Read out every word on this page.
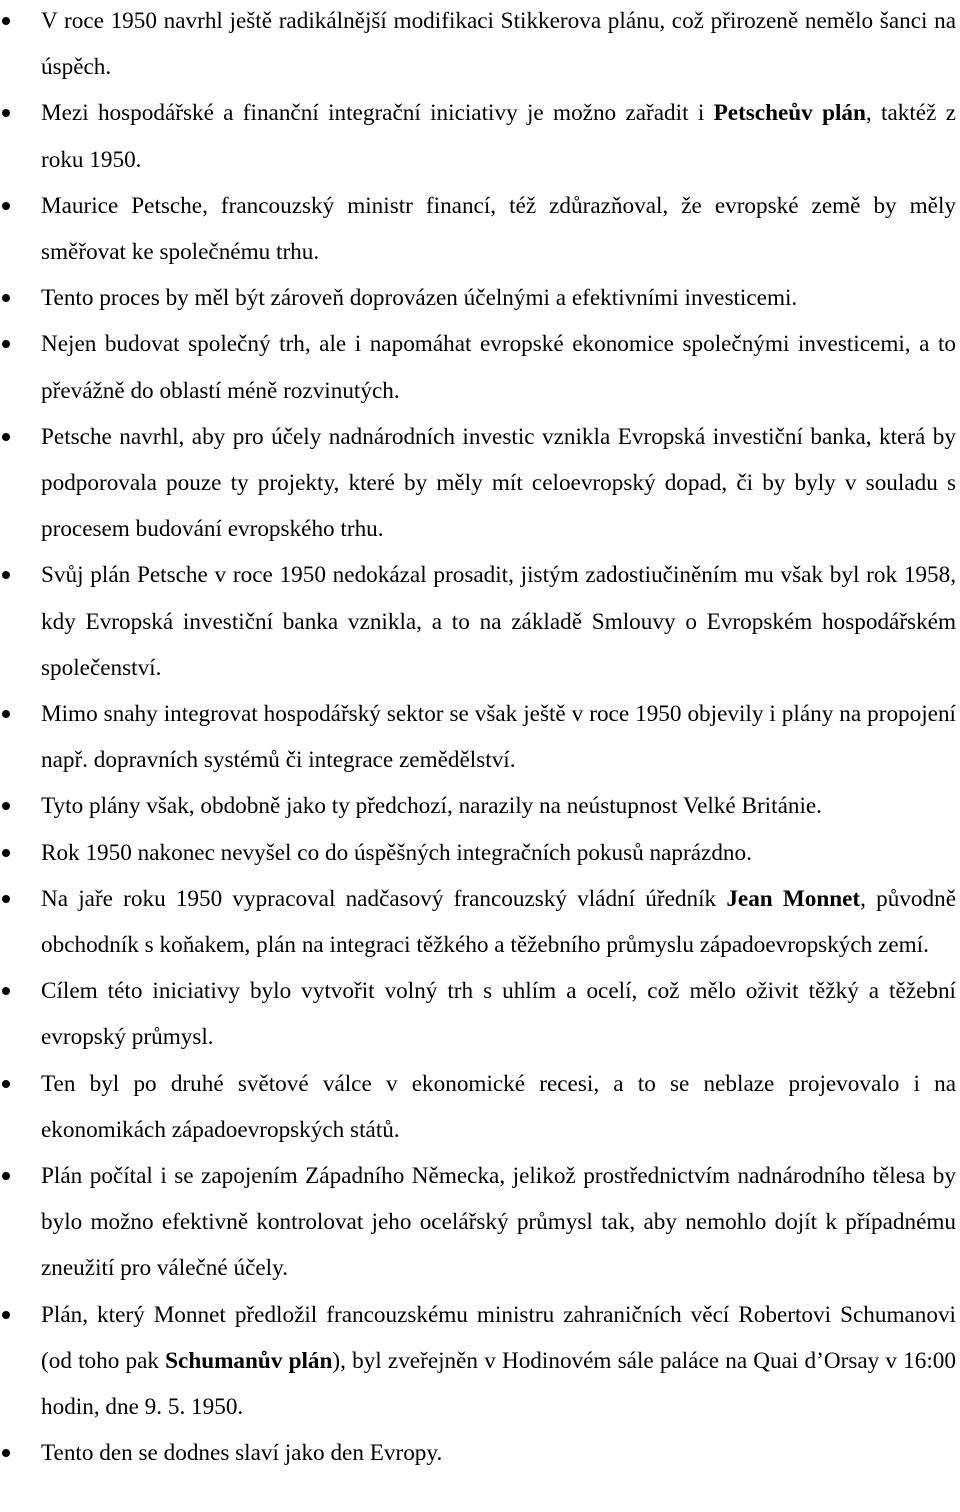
V roce 1950 navrhl ještě radikálnější modifikaci Stikkerova plánu, což přirozeně nemělo šanci na úspěch.
Mezi hospodářské a finanční integrační iniciativy je možno zařadit i Petscheův plán, taktéž z roku 1950.
Maurice Petsche, francouzský ministr financí, též zdůrazňoval, že evropské země by měly směřovat ke společnému trhu.
Tento proces by měl být zároveň doprovázen účelnými a efektivními investicemi.
Nejen budovat společný trh, ale i napomáhat evropské ekonomice společnými investicemi, a to převážně do oblastí méně rozvinutých.
Petsche navrhl, aby pro účely nadnárodních investic vznikla Evropská investiční banka, která by podporovala pouze ty projekty, které by měly mít celoevropský dopad, či by byly v souladu s procesem budování evropského trhu.
Svůj plán Petsche v roce 1950 nedokázal prosadit, jistým zadostiučiněním mu však byl rok 1958, kdy Evropská investiční banka vznikla, a to na základě Smlouvy o Evropském hospodářském společenství.
Mimo snahy integrovat hospodářský sektor se však ještě v roce 1950 objevily i plány na propojení např. dopravních systémů či integrace zemědělství.
Tyto plány však, obdobně jako ty předchozí, narazily na neústupnost Velké Británie.
Rok 1950 nakonec nevyšel co do úspěšných integračních pokusů naprázdno.
Na jaře roku 1950 vypracoval nadčasový francouzský vládní úředník Jean Monnet, původně obchodník s koňakem, plán na integraci těžkého a těžebního průmyslu západoevropských zemí.
Cílem této iniciativy bylo vytvořit volný trh s uhlím a ocelí, což mělo oživit těžký a těžební evropský průmysl.
Ten byl po druhé světové válce v ekonomické recesi, a to se neblaze projevovalo i na ekonomikách západoevropských států.
Plán počítal i se zapojením Západního Německa, jelikož prostřednictvím nadnárodního tělesa by bylo možno efektivně kontrolovat jeho ocelářský průmysl tak, aby nemohlo dojít k případnému zneužití pro válečné účely.
Plán, který Monnet předložil francouzskému ministru zahraničních věcí Robertovi Schumanovi (od toho pak Schumanův plán), byl zveřejněn v Hodinovém sále paláce na Quai d’Orsay v 16:00 hodin, dne 9. 5. 1950.
Tento den se dodnes slaví jako den Evropy.
